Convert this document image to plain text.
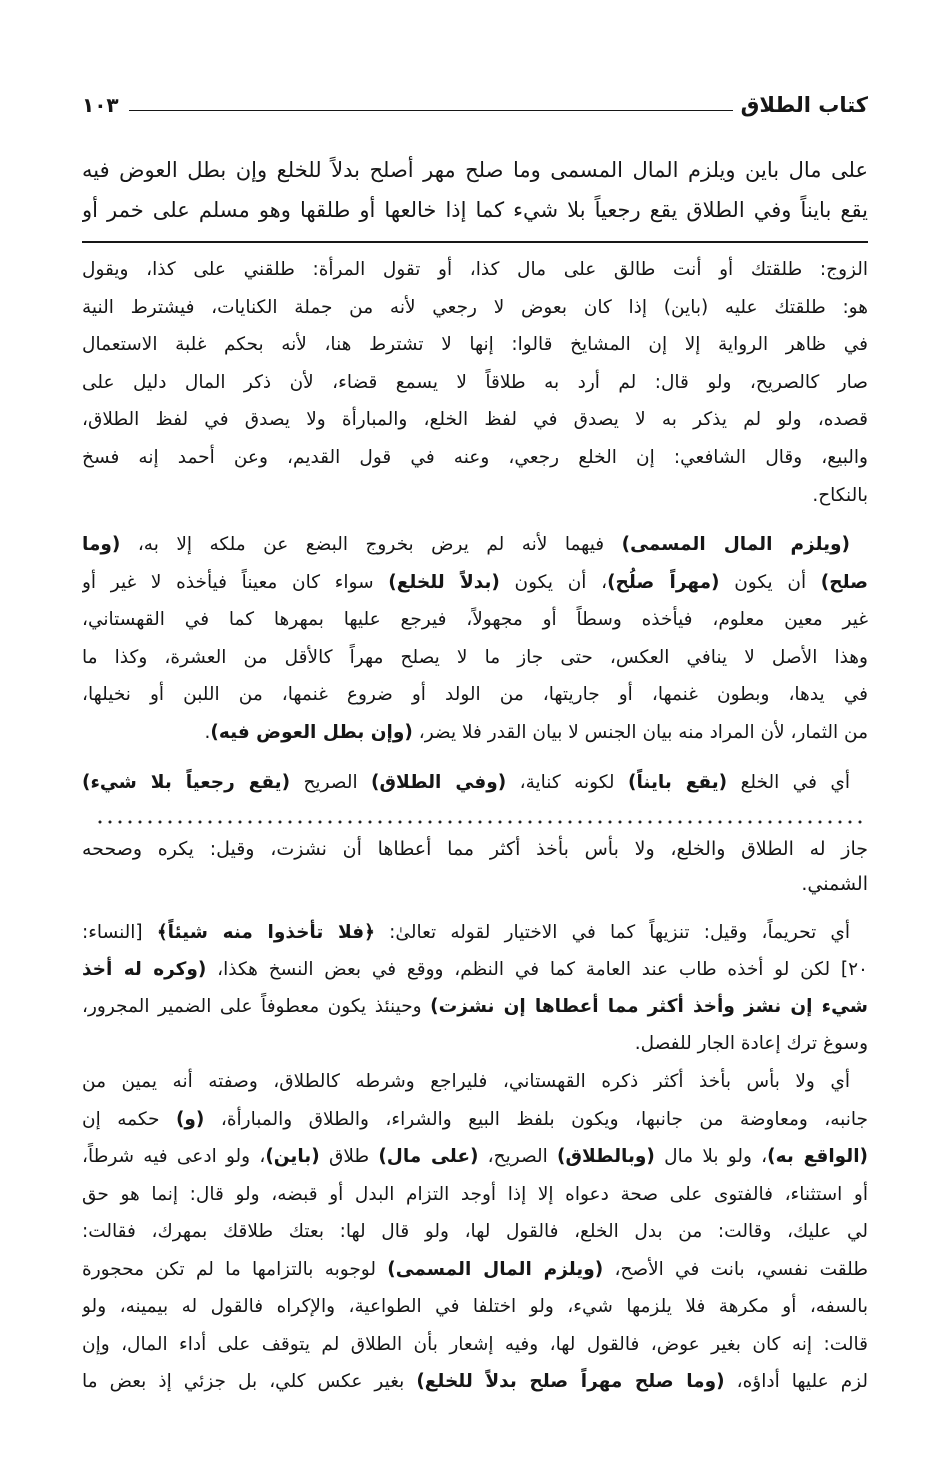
كتاب الطلاق
١٠٣
على مال باين ويلزم المال المسمى وما صلح مهر أصلح بدلاً للخلع وإن بطل العوض فيه
يقع بايناً وفي الطلاق يقع رجعياً بلا شيء كما إذا خالعها أو طلقها وهو مسلم على خمر أو
الزوج: طلقتك أو أنت طالق على مال كذا، أو تقول المرأة: طلقني على كذا، ويقول
هو: طلقتك عليه (باين) إذا كان بعوض لا رجعي لأنه من جملة الكنايات، فيشترط النية
في ظاهر الرواية إلا إن المشايخ قالوا: إنها لا تشترط هنا، لأنه بحكم غلبة الاستعمال
صار كالصريح، ولو قال: لم أرد به طلاقاً لا يسمع قضاء، لأن ذكر المال دليل على
قصده، ولو لم يذكر به لا يصدق في لفظ الخلع، والمبارأة ولا يصدق في لفظ الطلاق،
والبيع، وقال الشافعي: إن الخلع رجعي، وعنه في قول القديم، وعن أحمد إنه فسخ
بالنكاح.
(ويلزم المال المسمى) فيهما لأنه لم يرض بخروج البضع عن ملكه إلا به، (وما
صلح) أن يكون (مهراً صلُح)، أن يكون (بدلاً للخلع) سواء كان معيناً فيأخذه لا غير أو
غير معين معلوم، فيأخذه وسطاً أو مجهولاً، فيرجع عليها بمهرها كما في القهستاني،
وهذا الأصل لا ينافي العكس، حتى جاز ما لا يصلح مهراً كالأقل من العشرة، وكذا ما
في يدها، وبطون غنمها، أو جاريتها، من الولد أو ضروع غنمها، من اللبن أو نخيلها،
من الثمار، لأن المراد منه بيان الجنس لا بيان القدر فلا يضر، (وإن بطل العوض فيه).
أي في الخلع (يقع بايناً) لكونه كناية، (وفي الطلاق) الصريح (يقع رجعياً بلا شيء)
جاز له الطلاق والخلع، ولا بأس بأخذ أكثر مما أعطاها أن نشزت، وقيل: يكره وصححه
الشمني.
أي تحريماً، وقيل: تنزيهاً كما في الاختيار لقوله تعالىٰ: ﴿فلا تأخذوا منه شيئاً﴾ [النساء:
٢٠] لكن لو أخذه طاب عند العامة كما في النظم، ووقع في بعض النسخ هكذا، (وكره له أخذ
شيء إن نشز وأخذ أكثر مما أعطاها إن نشزت) وحينئذ يكون معطوفاً على الضمير المجرور،
وسوغ ترك إعادة الجار للفصل.
أي ولا بأس بأخذ أكثر ذكره القهستاني، فليراجع وشرطه كالطلاق، وصفته أنه يمين من
جانبه، ومعاوضة من جانبها، ويكون بلفظ البيع والشراء، والطلاق والمبارأة، (و) حكمه إن
(الواقع به)، ولو بلا مال (وبالطلاق) الصريح، (على مال) طلاق (باين)، ولو ادعى فيه شرطاً،
أو استثناء، فالفتوى على صحة دعواه إلا إذا أوجد التزام البدل أو قبضه، ولو قال: إنما هو حق
لي عليك، وقالت: من بدل الخلع، فالقول لها، ولو قال لها: بعتك طلاقك بمهرك، فقالت:
طلقت نفسي، بانت في الأصح، (ويلزم المال المسمى) لوجوبه بالتزامها ما لم تكن محجورة
بالسفه، أو مكرهة فلا يلزمها شيء، ولو اختلفا في الطواعية، والإكراه فالقول له بيمينه، ولو
قالت: إنه كان بغير عوض، فالقول لها، وفيه إشعار بأن الطلاق لم يتوقف على أداء المال، وإن
لزم عليها أداؤه، (وما صلح مهراً صلح بدلاً للخلع) بغير عكس كلي، بل جزئي إذ بعض ما
